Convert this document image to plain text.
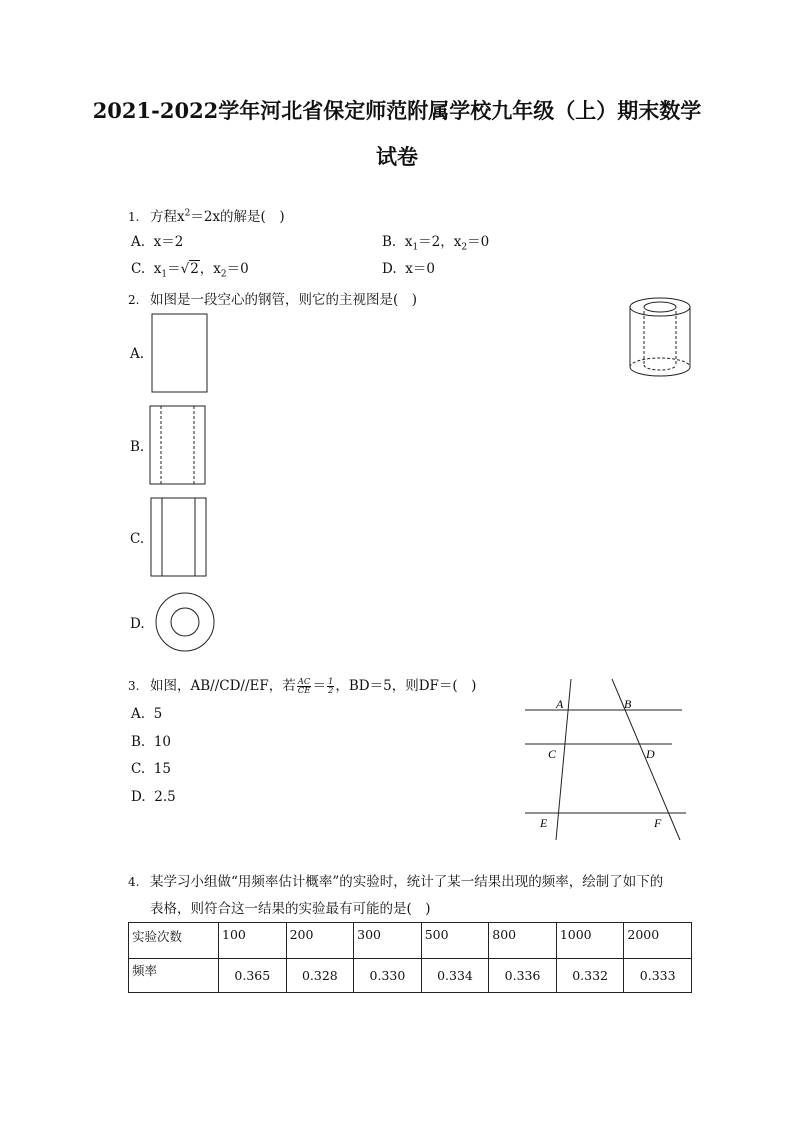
2021-2022学年河北省保定师范附属学校九年级（上）期末数学
试卷
1. 方程$x^2=2x$的解是(　)
A. x＝2	B. $x_1=2$，$x_2=0$
C. $x_1=√2$，$x_2=0$	D. x＝0
2. 如图是一段空心的钢管，则它的主视图是(　)
A.
B.
C.
D.
3. 如图，AB//CD//EF，若 $\frac{AC}{CE} = \frac{1}{2}$ ，BD＝5，则DF＝(　)
A. 5
B. 10
C. 15
D. 2.5
A	B
C	D
E	F
4. 某学习小组做“用频率估计概率”的实验时，统计了某一结果出现的频率，绘制了如下的
表格，则符合这一结果的实验最有可能的是(　)
实验次数	100	200	300	500	800	1000	2000
频率	0.365	0.328	0.330	0.334	0.336	0.332	0.333
